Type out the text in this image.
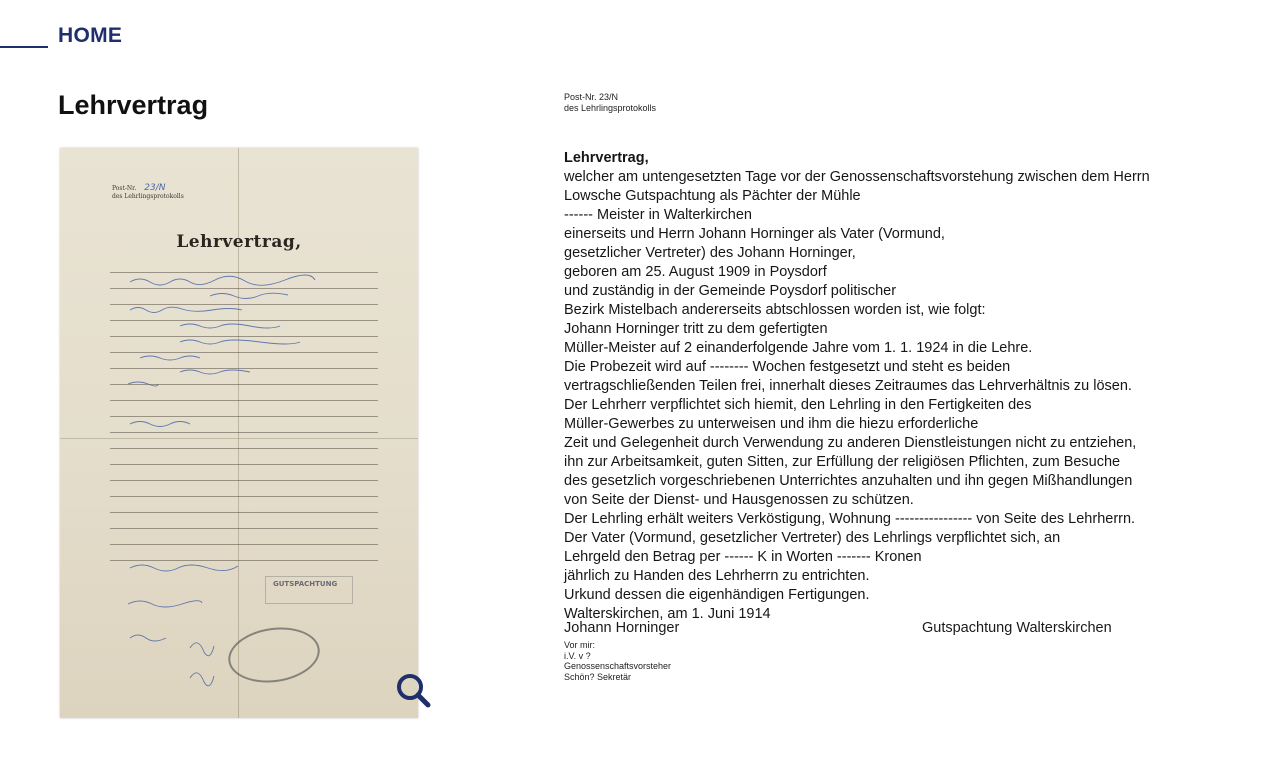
HOME
Lehrvertrag
Post-Nr. 23/N
des Lehrlingsprotokolls
Lehrvertrag,
GUTSPACHTUNG
Post-Nr. 23/N
des Lehrlingsprotokolls
Lehrvertrag,
welcher am untengesetzten Tage vor der Genossenschaftsvorstehung zwischen dem Herrn
Lowsche Gutspachtung als Pächter der Mühle
------ Meister in Walterkirchen
einerseits und Herrn Johann Horninger als Vater (Vormund,
gesetzlicher Vertreter) des Johann Horninger,
geboren am 25. August 1909 in Poysdorf
und zuständig in der Gemeinde Poysdorf politischer
Bezirk Mistelbach andererseits abtschlossen worden ist, wie folgt:
Johann Horninger tritt zu dem gefertigten
Müller-Meister auf 2 einanderfolgende Jahre vom 1. 1. 1924 in die Lehre.
Die Probezeit wird auf -------- Wochen festgesetzt und steht es beiden
vertragschließenden Teilen frei, innerhalt dieses Zeitraumes das Lehrverhältnis zu lösen.
Der Lehrherr verpflichtet sich hiemit, den Lehrling in den Fertigkeiten des
Müller-Gewerbes zu unterweisen und ihm die hiezu erforderliche
Zeit und Gelegenheit durch Verwendung zu anderen Dienstleistungen nicht zu entziehen,
ihn zur Arbeitsamkeit, guten Sitten, zur Erfüllung der religiösen Pflichten, zum Besuche
des gesetzlich vorgeschriebenen Unterrichtes anzuhalten und ihn gegen Mißhandlungen
von Seite der Dienst- und Hausgenossen zu schützen.
Der Lehrling erhält weiters Verköstigung, Wohnung ---------------- von Seite des Lehrherrn.
Der Vater (Vormund, gesetzlicher Vertreter) des Lehrlings verpflichtet sich, an
Lehrgeld den Betrag per ------ K in Worten ------- Kronen
jährlich zu Handen des Lehrherrn zu entrichten.
Urkund dessen die eigenhändigen Fertigungen.
Walterskirchen, am 1. Juni 1914
Johann Horninger	Gutspachtung Walterskirchen
Vor mir:
i.V. v ?
Genossenschaftsvorsteher
Schön? Sekretär
